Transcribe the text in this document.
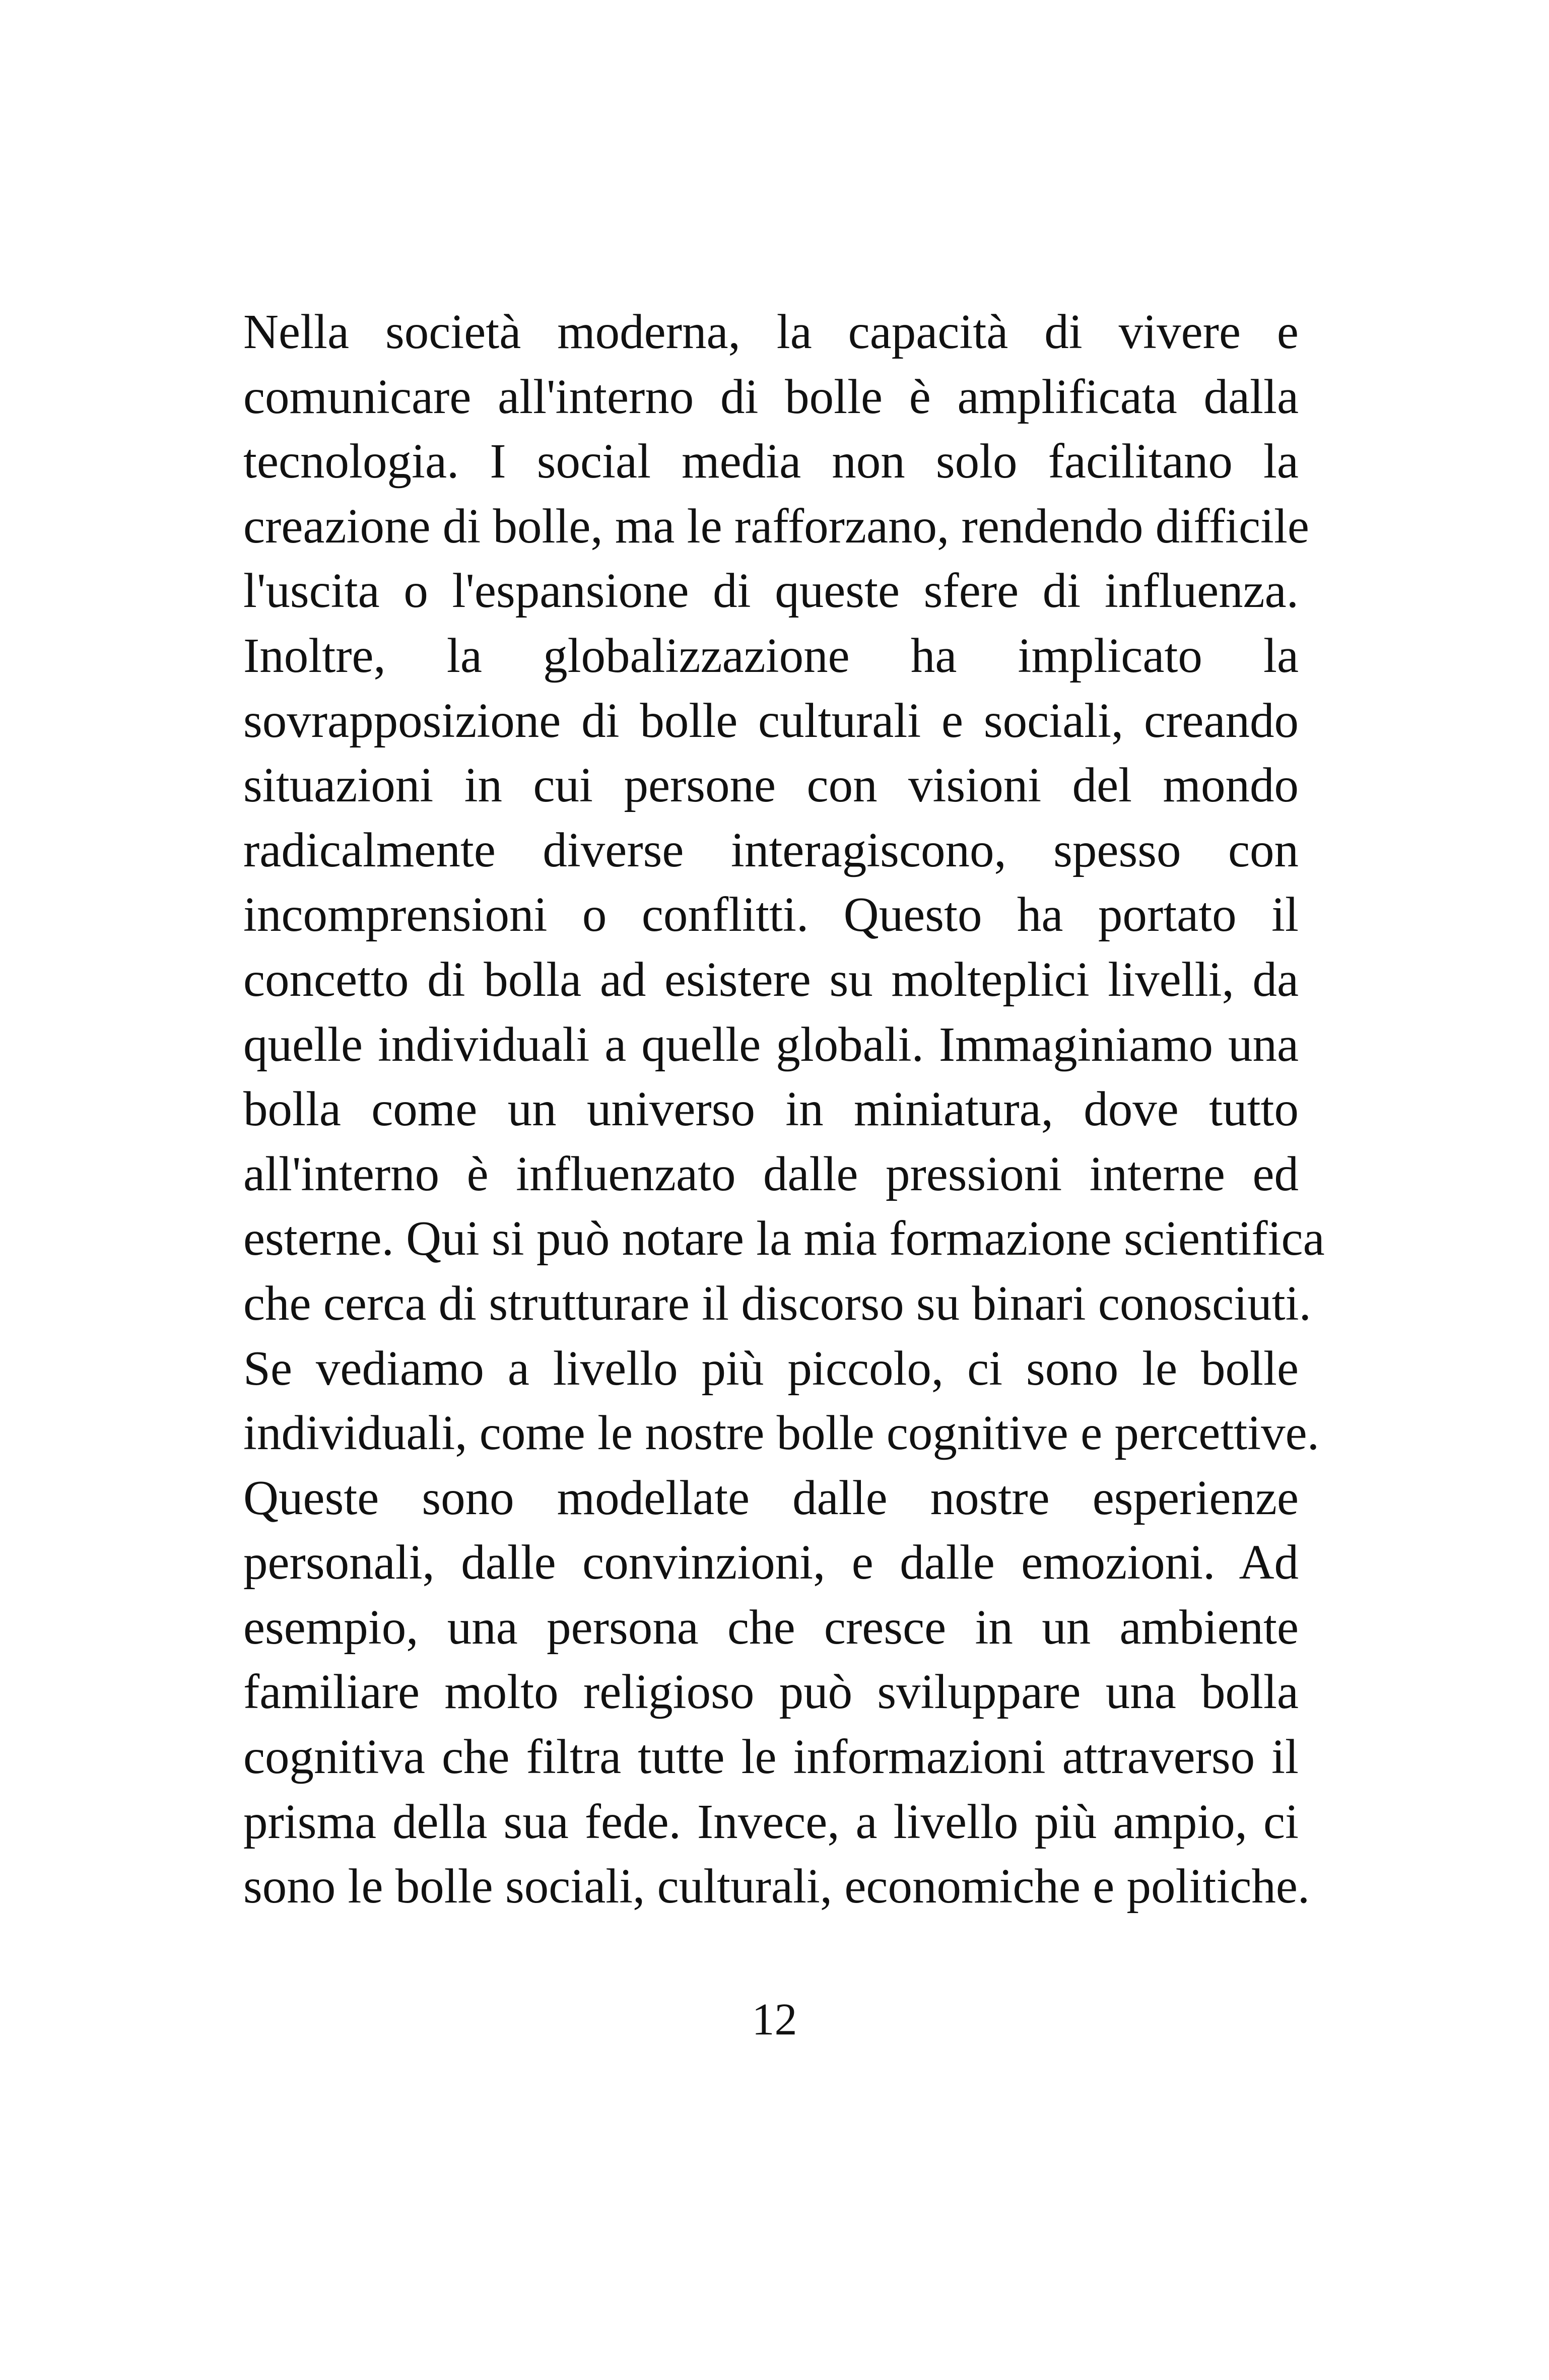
Nella società moderna, la capacità di vivere e
comunicare all'interno di bolle è amplificata dalla
tecnologia. I social media non solo facilitano la
creazione di bolle, ma le rafforzano, rendendo difficile
l'uscita o l'espansione di queste sfere di influenza.
Inoltre, la globalizzazione ha implicato la
sovrapposizione di bolle culturali e sociali, creando
situazioni in cui persone con visioni del mondo
radicalmente diverse interagiscono, spesso con
incomprensioni o conflitti. Questo ha portato il
concetto di bolla ad esistere su molteplici livelli, da
quelle individuali a quelle globali. Immaginiamo una
bolla come un universo in miniatura, dove tutto
all'interno è influenzato dalle pressioni interne ed
esterne. Qui si può notare la mia formazione scientifica
che cerca di strutturare il discorso su binari conosciuti.
Se vediamo a livello più piccolo, ci sono le bolle
individuali, come le nostre bolle cognitive e percettive.
Queste sono modellate dalle nostre esperienze
personali, dalle convinzioni, e dalle emozioni. Ad
esempio, una persona che cresce in un ambiente
familiare molto religioso può sviluppare una bolla
cognitiva che filtra tutte le informazioni attraverso il
prisma della sua fede. Invece, a livello più ampio, ci
sono le bolle sociali, culturali, economiche e politiche.
12
